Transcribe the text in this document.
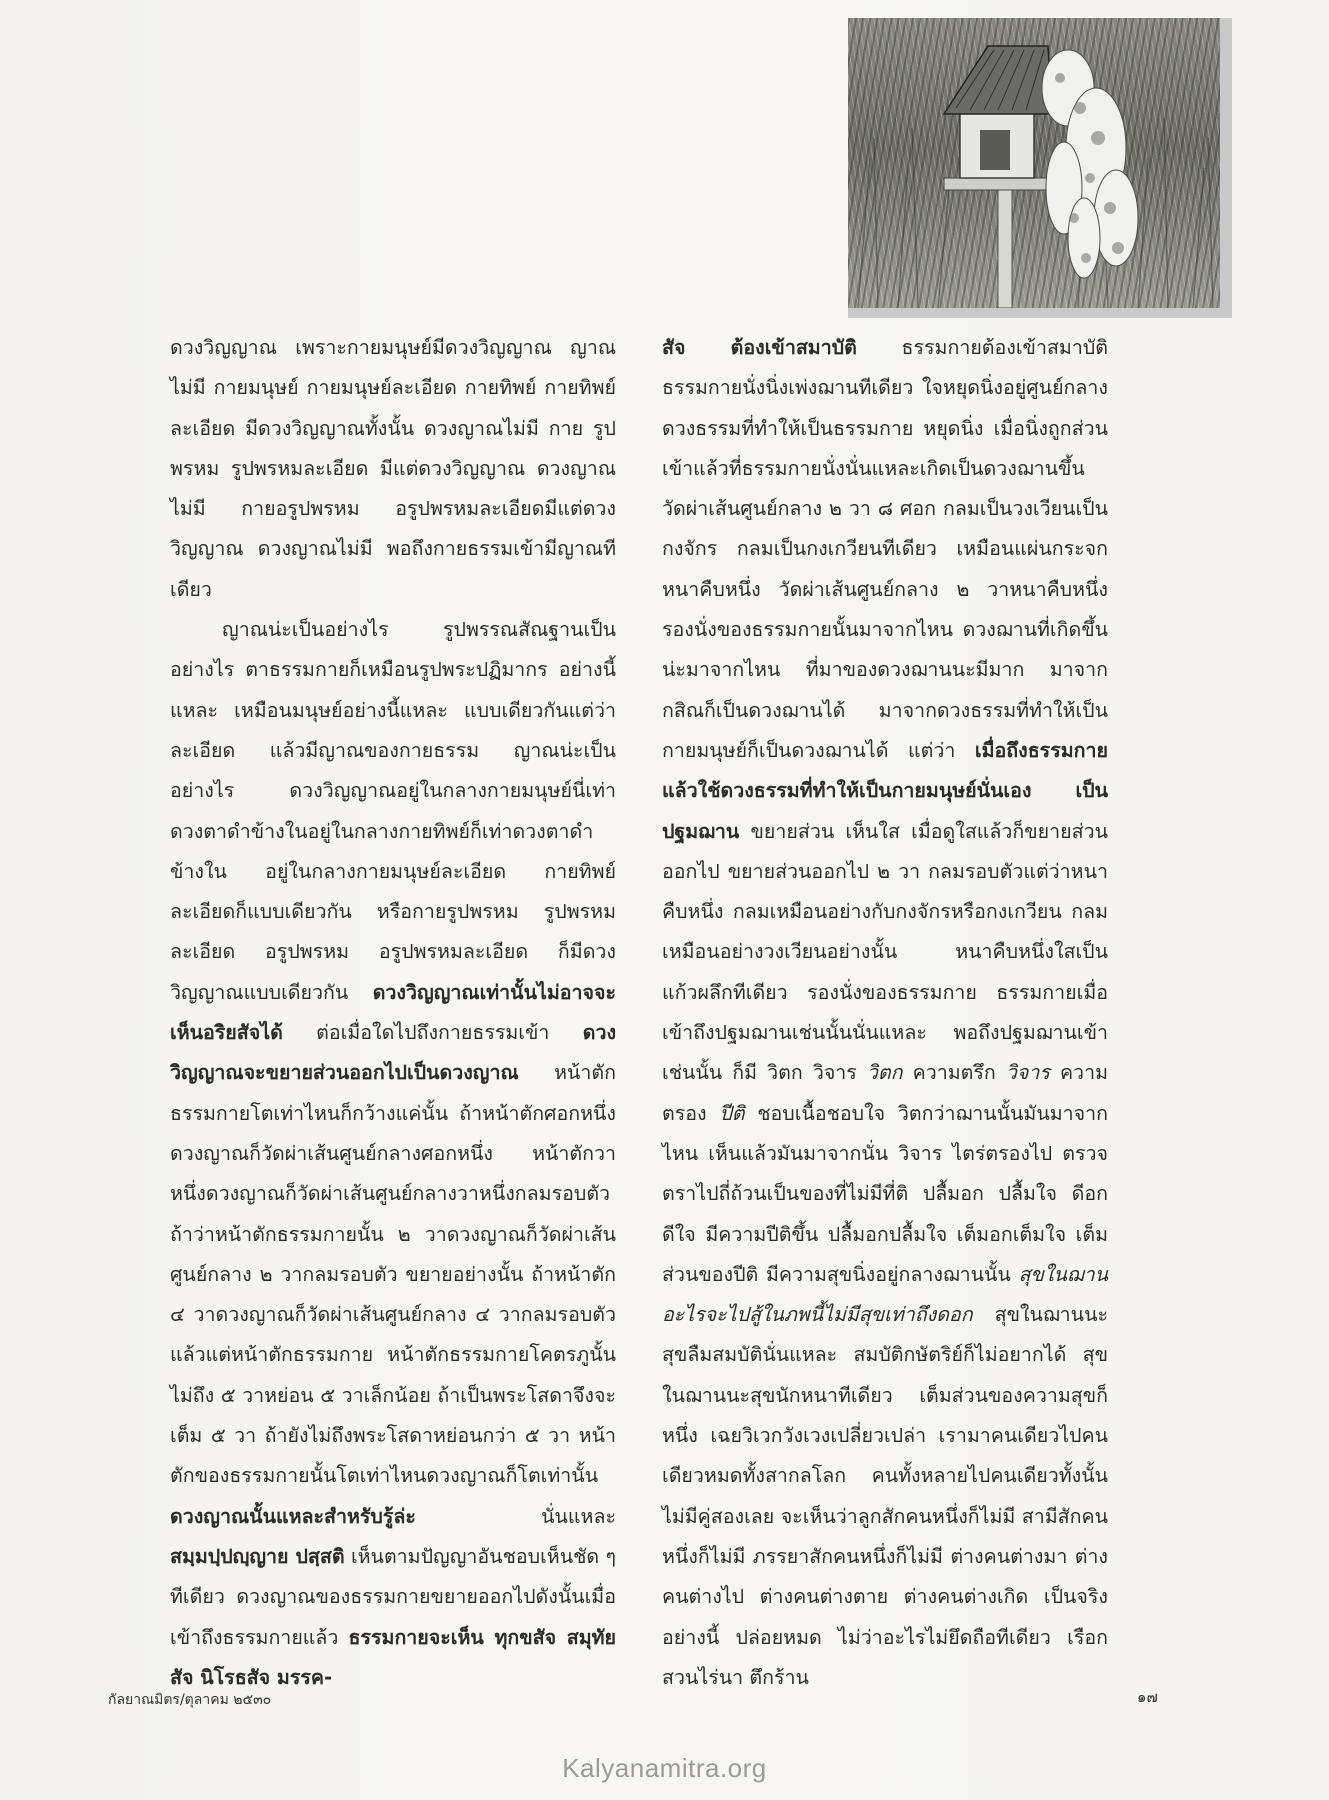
ดวงวิญญาณ เพราะกายมนุษย์มีดวงวิญญาณ ญาณไม่มี กายมนุษย์ กายมนุษย์ละเอียด กายทิพย์ กายทิพย์ละเอียด มีดวงวิญญาณทั้งนั้น ดวงญาณไม่มี กาย รูปพรหม รูปพรหมละเอียด มีแต่ดวงวิญญาณ ดวงญาณไม่มี กายอรูปพรหม อรูปพรหมละเอียดมีแต่ดวงวิญญาณ ดวงญาณไม่มี พอถึงกายธรรมเข้ามีญาณทีเดียว

ญาณน่ะเป็นอย่างไร รูปพรรณสัณฐานเป็นอย่างไร ตาธรรมกายก็เหมือนรูปพระปฏิมากร อย่างนี้แหละ เหมือนมนุษย์อย่างนี้แหละ แบบเดียวกันแต่ว่าละเอียด แล้วมีญาณของกายธรรม ญาณน่ะเป็นอย่างไร ดวงวิญญาณอยู่ในกลางกายมนุษย์นี่เท่าดวงตาดำข้างในอยู่ในกลางกายทิพย์ก็เท่าดวงตาดำข้างใน อยู่ในกลางกายมนุษย์ละเอียด กายทิพย์ละเอียดก็แบบเดียวกัน หรือกายรูปพรหม รูปพรหมละเอียด อรูปพรหม อรูปพรหมละเอียด ก็มีดวงวิญญาณแบบเดียวกัน ดวงวิญญาณเท่านั้นไม่อาจจะเห็นอริยสัจได้ ต่อเมื่อใดไปถึงกายธรรมเข้า ดวงวิญญาณจะขยายส่วนออกไปเป็นดวงญาณ หน้าตักธรรมกายโตเท่าไหนก็กว้างแค่นั้น ถ้าหน้าตักศอกหนึ่งดวงญาณก็วัดผ่าเส้นศูนย์กลางศอกหนึ่ง หน้าตักวาหนึ่งดวงญาณก็วัดผ่าเส้นศูนย์กลางวาหนึ่งกลมรอบตัว ถ้าว่าหน้าตักธรรมกายนั้น ๒ วาดวงญาณก็วัดผ่าเส้นศูนย์กลาง ๒ วากลมรอบตัว ขยายอย่างนั้น ถ้าหน้าตัก ๔ วาดวงญาณก็วัดผ่าเส้นศูนย์กลาง ๔ วากลมรอบตัว แล้วแต่หน้าตักธรรมกาย หน้าตักธรรมกายโคตรภูนั้นไม่ถึง ๕ วาหย่อน ๕ วาเล็กน้อย ถ้าเป็นพระโสดาจึงจะเต็ม ๕ วา ถ้ายังไม่ถึงพระโสดาหย่อนกว่า ๕ วา หน้าตักของธรรมกายนั้นโตเท่าไหนดวงญาณก็โตเท่านั้น ดวงญาณนั้นแหละสำหรับรู้ล่ะ	นั่นแหละ สมฺมปฺปญฺญาย ปสฺสติ เห็นตามปัญญาอันชอบเห็นชัด ๆ ทีเดียว ดวงญาณของธรรมกายขยายออกไปดังนั้นเมื่อเข้าถึงธรรมกายแล้ว ธรรมกายจะเห็น ทุกขสัจ สมุทัยสัจ นิโรธสัจ มรรค-

สัจ ต้องเข้าสมาบัติ ธรรมกายต้องเข้าสมาบัติ ธรรมกายนั่งนิ่งเพ่งฌานทีเดียว ใจหยุดนิ่งอยู่ศูนย์กลางดวงธรรมที่ทำให้เป็นธรรมกาย หยุดนิ่ง เมื่อนิ่งถูกส่วนเข้าแล้วที่ธรรมกายนั่งนั่นแหละเกิดเป็นดวงฌานขึ้น วัดผ่าเส้นศูนย์กลาง ๒ วา ๘ ศอก กลมเป็นวงเวียนเป็นกงจักร กลมเป็นกงเกวียนทีเดียว เหมือนแผ่นกระจกหนาคืบหนึ่ง วัดผ่าเส้นศูนย์กลาง ๒ วาหนาคืบหนึ่ง รองนั่งของธรรมกายนั้นมาจากไหน ดวงฌานที่เกิดขึ้นน่ะมาจากไหน ที่มาของดวงฌานนะมีมาก มาจากกสิณก็เป็นดวงฌานได้ มาจากดวงธรรมที่ทำให้เป็นกายมนุษย์ก็เป็นดวงฌานได้ แต่ว่า เมื่อถึงธรรมกายแล้วใช้ดวงธรรมที่ทำให้เป็นกายมนุษย์นั่นเอง เป็นปฐมฌาน ขยายส่วน เห็นใส เมื่อดูใสแล้วก็ขยายส่วนออกไป ขยายส่วนออกไป ๒ วา กลมรอบตัวแต่ว่าหนาคืบหนึ่ง กลมเหมือนอย่างกับกงจักรหรือกงเกวียน กลมเหมือนอย่างวงเวียนอย่างนั้น หนาคืบหนึ่งใสเป็นแก้วผลึกทีเดียว รองนั่งของธรรมกาย ธรรมกายเมื่อเข้าถึงปฐมฌานเช่นนั้นนั่นแหละ พอถึงปฐมฌานเข้าเช่นนั้น ก็มี วิตก วิจาร วิตก ความตรึก วิจาร ความตรอง ปีติ ชอบเนื้อชอบใจ วิตกว่าฌานนั้นมันมาจากไหน เห็นแล้วมันมาจากนั่น วิจาร ไตร่ตรองไป ตรวจตราไปถี่ถ้วนเป็นของที่ไม่มีที่ติ ปลื้มอก ปลื้มใจ ดีอก ดีใจ มีความปีติขึ้น ปลื้มอกปลื้มใจ เต็มอกเต็มใจ เต็มส่วนของปีติ มีความสุขนิ่งอยู่กลางฌานนั้น สุขในฌานอะไรจะไปสู้ในภพนี้ไม่มีสุขเท่าถึงดอก สุขในฌานนะสุขลืมสมบัตินั่นแหละ สมบัติกษัตริย์ก็ไม่อยากได้ สุขในฌานนะสุขนักหนาทีเดียว เต็มส่วนของความสุขก็หนึ่ง เฉยวิเวกวังเวงเปลี่ยวเปล่า เรามาคนเดียวไปคนเดียวหมดทั้งสากลโลก คนทั้งหลายไปคนเดียวทั้งนั้น ไม่มีคู่สองเลย จะเห็นว่าลูกสักคนหนึ่งก็ไม่มี สามีสักคนหนึ่งก็ไม่มี ภรรยาสักคนหนึ่งก็ไม่มี ต่างคนต่างมา ต่างคนต่างไป ต่างคนต่างตาย ต่างคนต่างเกิด เป็นจริงอย่างนี้ ปล่อยหมด ไม่ว่าอะไรไม่ยึดถือทีเดียว เรือกสวนไร่นา ตึกร้าน

กัลยาณมิตร/ตุลาคม ๒๕๓๐	๑๗
Kalyanamitra.org
